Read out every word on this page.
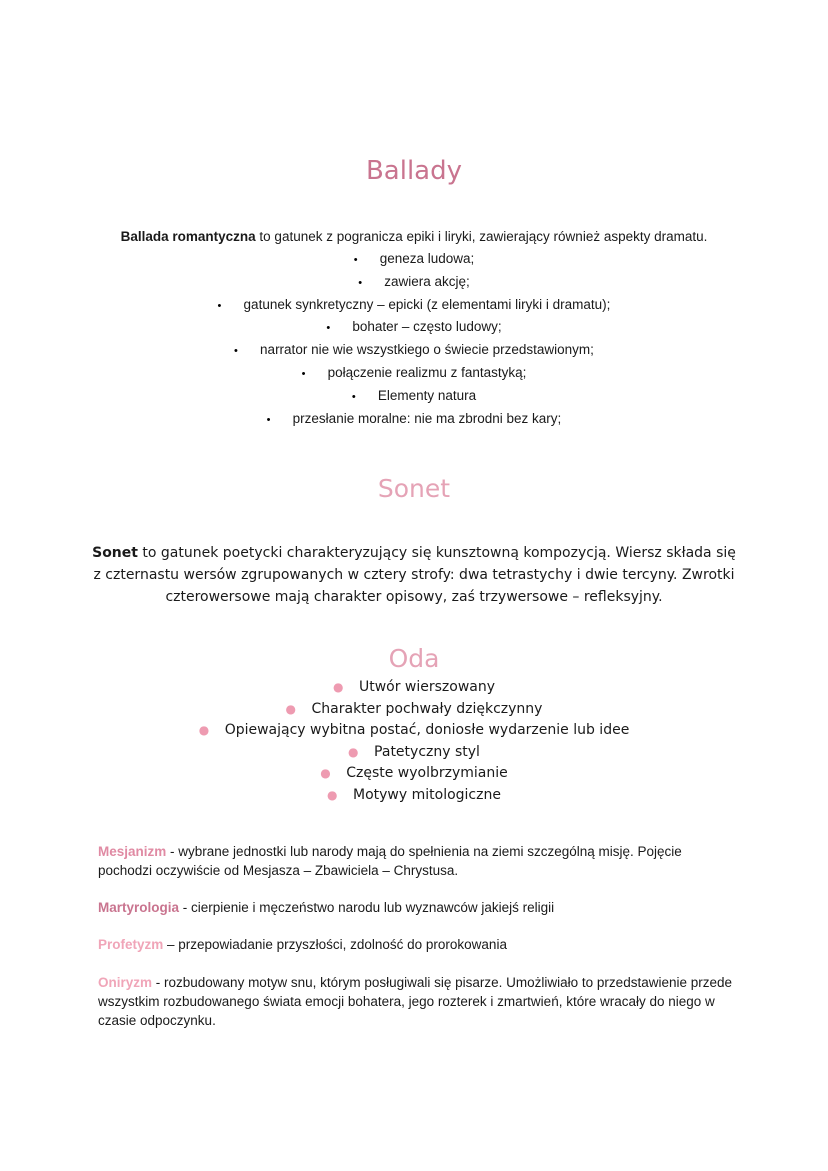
Ballady
Ballada romantyczna to gatunek z pogranicza epiki i liryki, zawierający również aspekty dramatu.
• geneza ludowa;
• zawiera akcję;
• gatunek synkretyczny – epicki (z elementami liryki i dramatu);
• bohater – często ludowy;
• narrator nie wie wszystkiego o świecie przedstawionym;
• połączenie realizmu z fantastyką;
• Elementy natura
• przesłanie moralne: nie ma zbrodni bez kary;
Sonet
Sonet to gatunek poetycki charakteryzujący się kunsztowną kompozycją. Wiersz składa się z czternastu wersów zgrupowanych w cztery strofy: dwa tetrastychy i dwie tercyny. Zwrotki czterowersowe mają charakter opisowy, zaś trzywersowe – refleksyjny.
Oda
● Utwór wierszowany
● Charakter pochwały dziękczynny
● Opiewający wybitna postać, doniosłe wydarzenie lub idee
● Patetyczny styl
● Częste wyolbrzymianie
● Motywy mitologiczne

Mesjanizm - wybrane jednostki lub narody mają do spełnienia na ziemi szczególną misję. Pojęcie pochodzi oczywiście od Mesjasza – Zbawiciela – Chrystusa.

Martyrologia - cierpienie i męczeństwo narodu lub wyznawców jakiejś religii

Profetyzm – przepowiadanie przyszłości, zdolność do prorokowania

Oniryzm - rozbudowany motyw snu, którym posługiwali się pisarze. Umożliwiało to przedstawienie przede wszystkim rozbudowanego świata emocji bohatera, jego rozterek i zmartwień, które wracały do niego w czasie odpoczynku.
